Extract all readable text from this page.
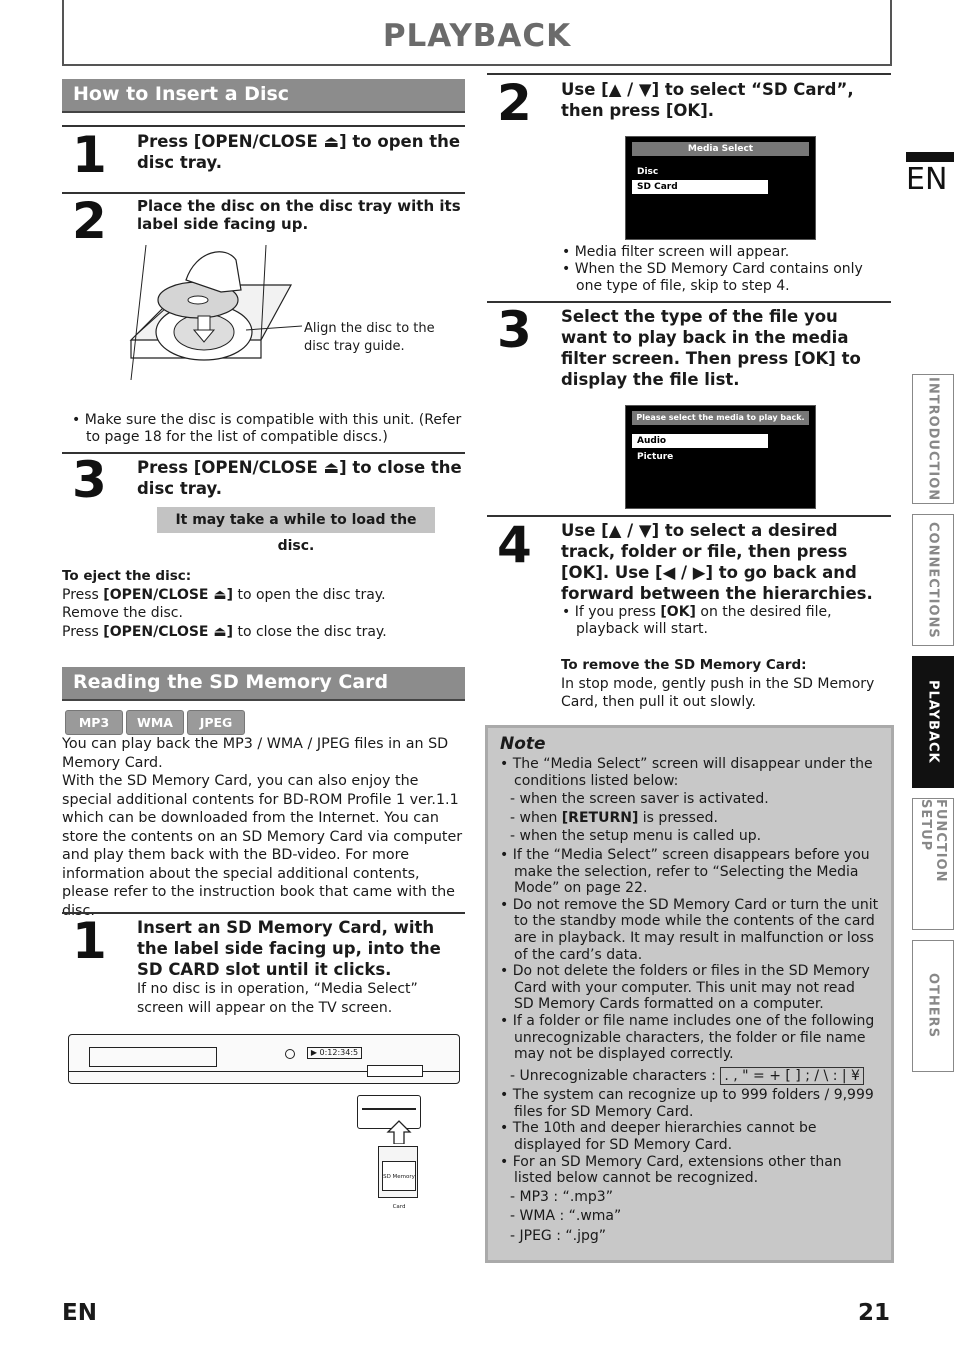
PLAYBACK
EN
INTRODUCTION
CONNECTIONS
PLAYBACK
FUNCTION SETUP
OTHERS
How to Insert a Disc
1 Press [OPEN/CLOSE ⏏] to open the disc tray.
2 Place the disc on the disc tray with its label side facing up.
Align the disc to the disc tray guide.
• Make sure the disc is compatible with this unit. (Refer to page 18 for the list of compatible discs.)
3 Press [OPEN/CLOSE ⏏] to close the disc tray.
It may take a while to load the disc.
To eject the disc:
Press [OPEN/CLOSE ⏏] to open the disc tray.
Remove the disc.
Press [OPEN/CLOSE ⏏] to close the disc tray.
Reading the SD Memory Card
MP3 WMA JPEG
You can play back the MP3 / WMA / JPEG files in an SD Memory Card.
With the SD Memory Card, you can also enjoy the special additional contents for BD-ROM Profile 1 ver.1.1 which can be downloaded from the Internet. You can store the contents on an SD Memory Card via computer and play them back with the BD-video. For more information about the special additional contents, please refer to the instruction book that came with the disc.
1 Insert an SD Memory Card, with the label side facing up, into the SD CARD slot until it clicks.
If no disc is in operation, “Media Select” screen will appear on the TV screen.
▶ 0:12:34:5
SD Memory Card
2 Use [▲ / ▼] to select “SD Card”, then press [OK].
Media Select
Disc
SD Card
• Media filter screen will appear.
• When the SD Memory Card contains only one type of file, skip to step 4.
3 Select the type of the file you want to play back in the media filter screen. Then press [OK] to display the file list.
Please select the media to play back.
Audio
Picture
4 Use [▲ / ▼] to select a desired track, folder or file, then press [OK]. Use [◀ / ▶] to go back and forward between the hierarchies.
• If you press [OK] on the desired file, playback will start.
To remove the SD Memory Card:
In stop mode, gently push in the SD Memory Card, then pull it out slowly.
Note
• The “Media Select” screen will disappear under the conditions listed below:
- when the screen saver is activated.
- when [RETURN] is pressed.
- when the setup menu is called up.
• If the “Media Select” screen disappears before you make the selection, refer to “Selecting the Media Mode” on page 22.
• Do not remove the SD Memory Card or turn the unit to the standby mode while the contents of the card are in playback. It may result in malfunction or loss of the card’s data.
• Do not delete the folders or files in the SD Memory Card with your computer. This unit may not read SD Memory Cards formatted on a computer.
• If a folder or file name includes one of the following unrecognizable characters, the folder or file name may not be displayed correctly.
- Unrecognizable characters : . , " = + [ ] ; / \ : | ¥
• The system can recognize up to 999 folders / 9,999 files for SD Memory Card.
• The 10th and deeper hierarchies cannot be displayed for SD Memory Card.
• For an SD Memory Card, extensions other than listed below cannot be recognized.
- MP3 : “.mp3”
- WMA : “.wma”
- JPEG : “.jpg”
EN	21
